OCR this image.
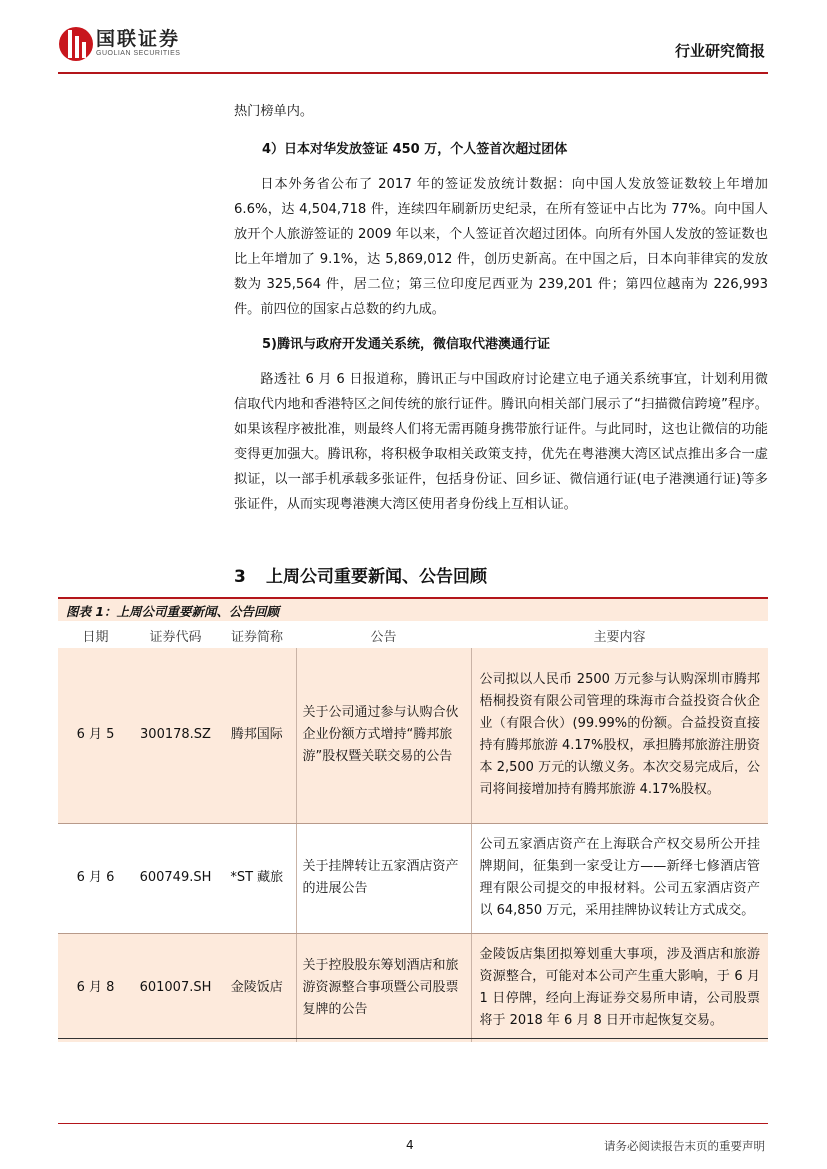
国联证券
GUOLIAN SECURITIES	行业研究简报

热门榜单内。

4）日本对华发放签证 450 万，个人签首次超过团体

日本外务省公布了 2017 年的签证发放统计数据：向中国人发放签证数较上年增加 6.6%，达 4,504,718 件，连续四年刷新历史纪录，在所有签证中占比为 77%。向中国人放开个人旅游签证的 2009 年以来，个人签证首次超过团体。向所有外国人发放的签证数也比上年增加了 9.1%，达 5,869,012 件，创历史新高。在中国之后，日本向菲律宾的发放数为 325,564 件，居二位；第三位印度尼西亚为 239,201 件；第四位越南为 226,993 件。前四位的国家占总数的约九成。

5)腾讯与政府开发通关系统，微信取代港澳通行证

路透社 6 月 6 日报道称，腾讯正与中国政府讨论建立电子通关系统事宜，计划利用微信取代内地和香港特区之间传统的旅行证件。腾讯向相关部门展示了“扫描微信跨境”程序。如果该程序被批准，则最终人们将无需再随身携带旅行证件。与此同时，这也让微信的功能变得更加强大。腾讯称，将积极争取相关政策支持，优先在粤港澳大湾区试点推出多合一虚拟证，以一部手机承载多张证件，包括身份证、回乡证、微信通行证(电子港澳通行证)等多张证件，从而实现粤港澳大湾区使用者身份线上互相认证。

3 上周公司重要新闻、公告回顾
图表 1：上周公司重要新闻、公告回顾
日期	证券代码	证券简称	公告	主要内容
6 月 5	300178.SZ	腾邦国际	关于公司通过参与认购合伙企业份额方式增持“腾邦旅游”股权暨关联交易的公告	公司拟以人民币 2500 万元参与认购深圳市腾邦梧桐投资有限公司管理的珠海市合益投资合伙企业（有限合伙）(99.99%的份额。合益投资直接持有腾邦旅游 4.17%股权，承担腾邦旅游注册资本 2,500 万元的认缴义务。本次交易完成后，公司将间接增加持有腾邦旅游 4.17%股权。
6 月 6	600749.SH	*ST 藏旅	关于挂牌转让五家酒店资产的进展公告	公司五家酒店资产在上海联合产权交易所公开挂牌期间，征集到一家受让方——新绎七修酒店管理有限公司提交的申报材料。公司五家酒店资产以 64,850 万元，采用挂牌协议转让方式成交。
6 月 8	601007.SH	金陵饭店	关于控股股东筹划酒店和旅游资源整合事项暨公司股票复牌的公告	金陵饭店集团拟筹划重大事项，涉及酒店和旅游资源整合，可能对本公司产生重大影响，于 6 月 1 日停牌，经向上海证券交易所申请，公司股票将于 2018 年 6 月 8 日开市起恢复交易。
4	请务必阅读报告末页的重要声明
